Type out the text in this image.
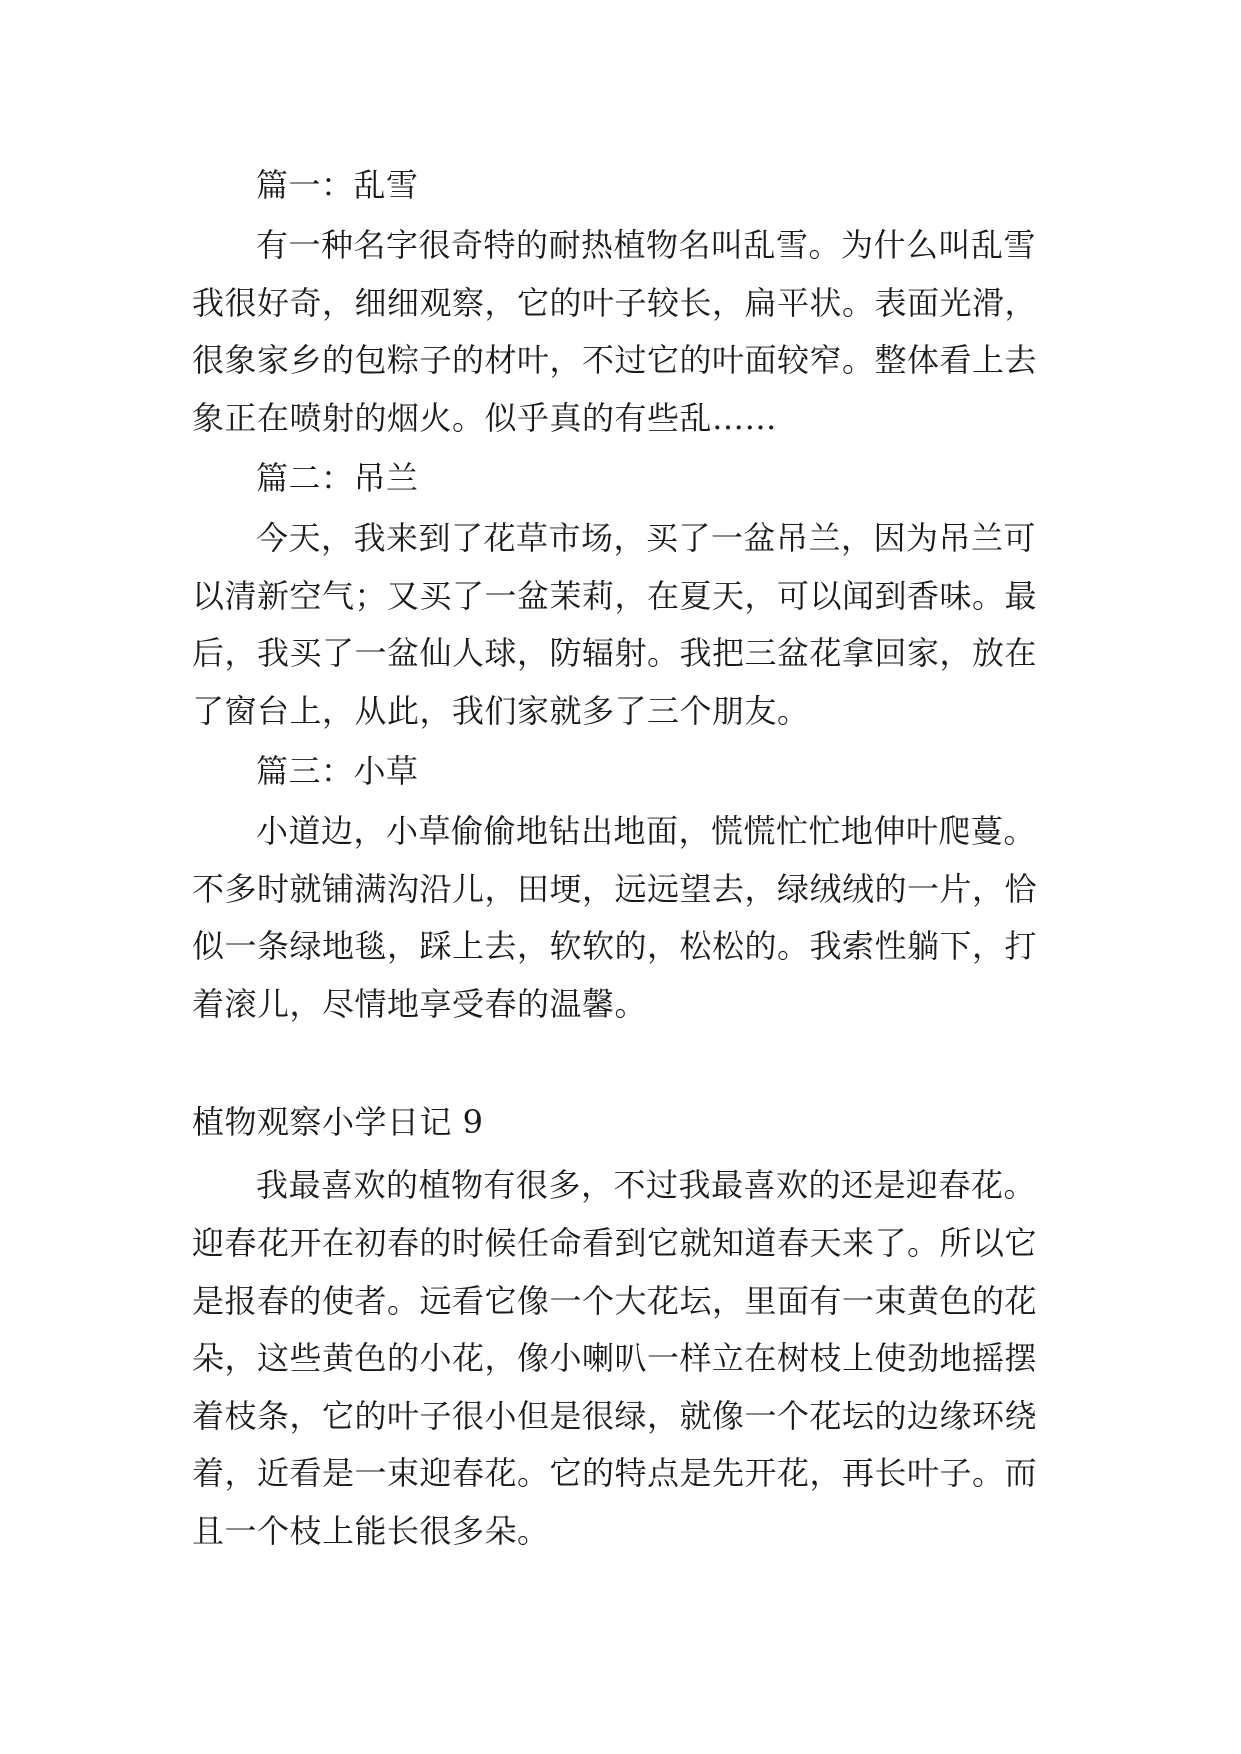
篇一：乱雪
有一种名字很奇特的耐热植物名叫乱雪。为什么叫乱雪
我很好奇，细细观察，它的叶子较长，扁平状。表面光滑，
很象家乡的包粽子的材叶，不过它的叶面较窄。整体看上去
象正在喷射的烟火。似乎真的有些乱……
篇二：吊兰
今天，我来到了花草市场，买了一盆吊兰，因为吊兰可
以清新空气；又买了一盆茉莉，在夏天，可以闻到香味。最
后，我买了一盆仙人球，防辐射。我把三盆花拿回家，放在
了窗台上，从此，我们家就多了三个朋友。
篇三：小草
小道边，小草偷偷地钻出地面，慌慌忙忙地伸叶爬蔓。
不多时就铺满沟沿儿，田埂，远远望去，绿绒绒的一片，恰
似一条绿地毯，踩上去，软软的，松松的。我索性躺下，打
着滚儿，尽情地享受春的温馨。
植物观察小学日记 9
我最喜欢的植物有很多，不过我最喜欢的还是迎春花。
迎春花开在初春的时候任命看到它就知道春天来了。所以它
是报春的使者。远看它像一个大花坛，里面有一束黄色的花
朵，这些黄色的小花，像小喇叭一样立在树枝上使劲地摇摆
着枝条，它的叶子很小但是很绿，就像一个花坛的边缘环绕
着，近看是一束迎春花。它的特点是先开花，再长叶子。而
且一个枝上能长很多朵。
